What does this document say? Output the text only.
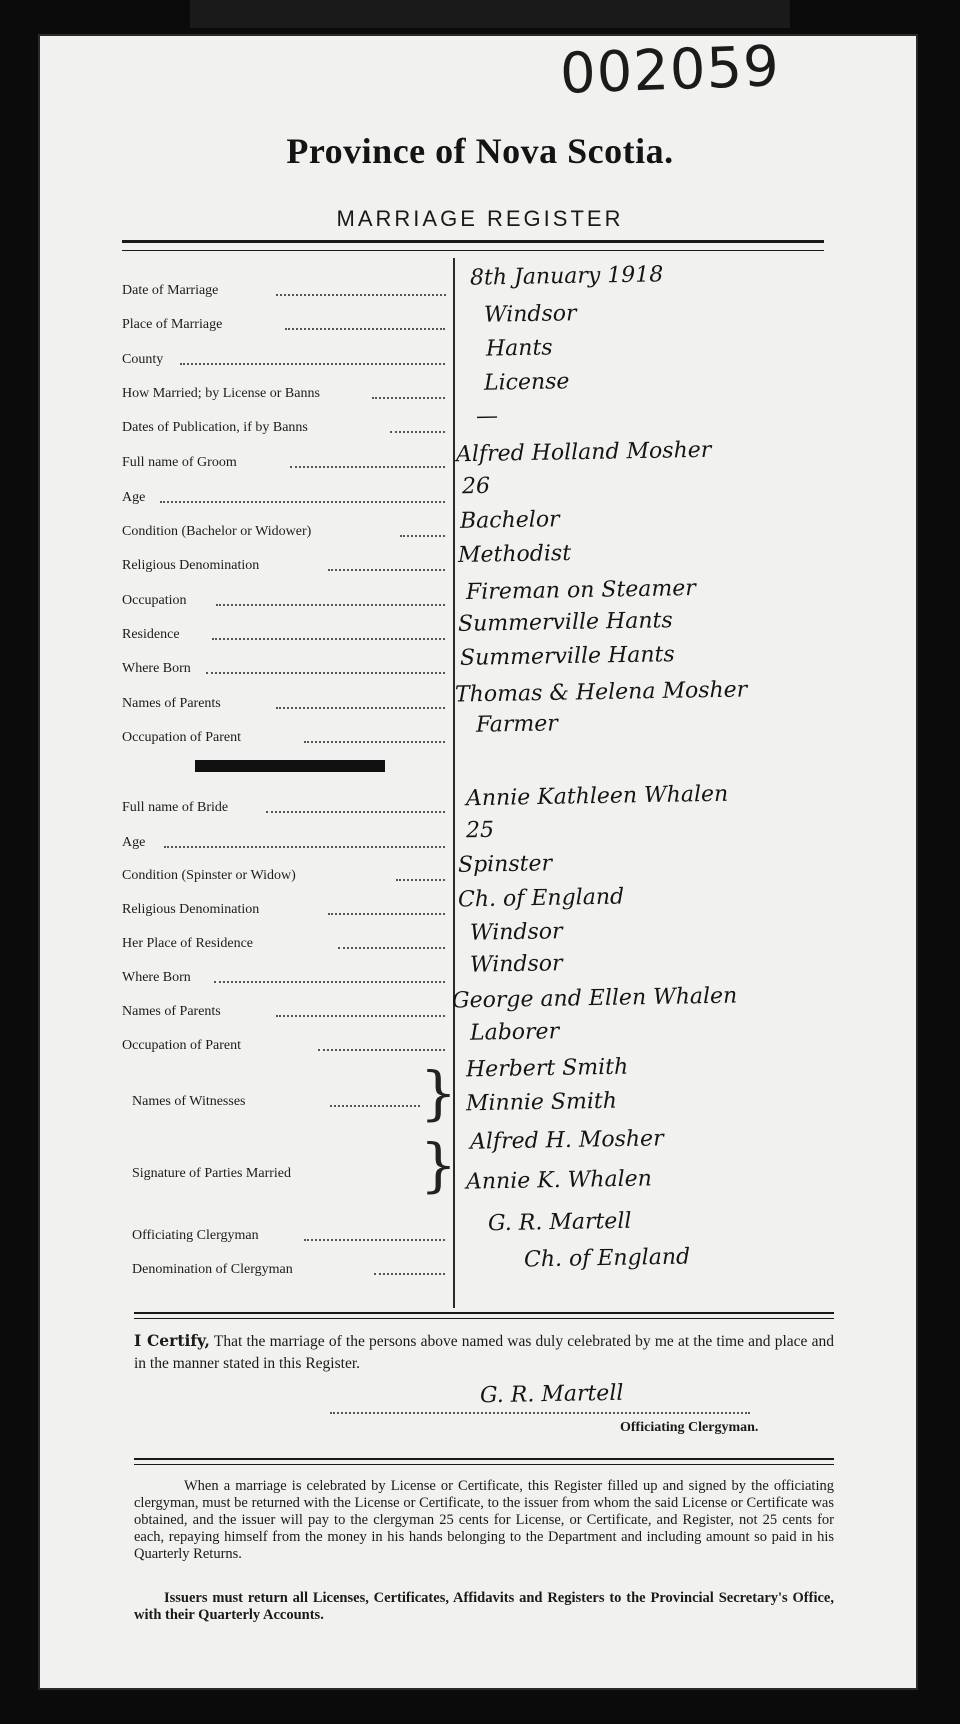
002059
Province of Nova Scotia.
MARRIAGE REGISTER
Date of Marriage	8th January 1918
Place of Marriage	Windsor
County	Hants
How Married; by License or Banns	License
Dates of Publication, if by Banns	—
Full name of Groom	Alfred Holland Mosher
Age	26
Condition (Bachelor or Widower)	Bachelor
Religious Denomination	Methodist
Occupation	Fireman on Steamer
Residence	Summerville Hants
Where Born	Summerville Hants
Names of Parents	Thomas & Helena Mosher
Occupation of Parent	Farmer
Full name of Bride	Annie Kathleen Whalen
Age	25
Condition (Spinster or Widow)	Spinster
Religious Denomination	Ch. of England
Her Place of Residence	Windsor
Where Born	Windsor
Names of Parents	George and Ellen Whalen
Occupation of Parent	Laborer
Names of Witnesses	} Herbert Smith
Minnie Smith
Signature of Parties Married } Alfred H. Mosher
Annie K. Whalen
Officiating Clergyman	G. R. Martell
Denomination of Clergyman	Ch. of England
I Certify, That the marriage of the persons above named was duly celebrated by me at the time and place and in the manner stated in this Register.
G. R. Martell
Officiating Clergyman.
When a marriage is celebrated by License or Certificate, this Register filled up and signed by the officiating clergyman, must be returned with the License or Certificate, to the issuer from whom the said License or Certificate was obtained, and the issuer will pay to the clergyman 25 cents for License, or Certificate, and Register, not 25 cents for each, repaying himself from the money in his hands belonging to the Department and including amount so paid in his Quarterly Returns.
Issuers must return all Licenses, Certificates, Affidavits and Registers to the Provincial Secretary's Office, with their Quarterly Accounts.
